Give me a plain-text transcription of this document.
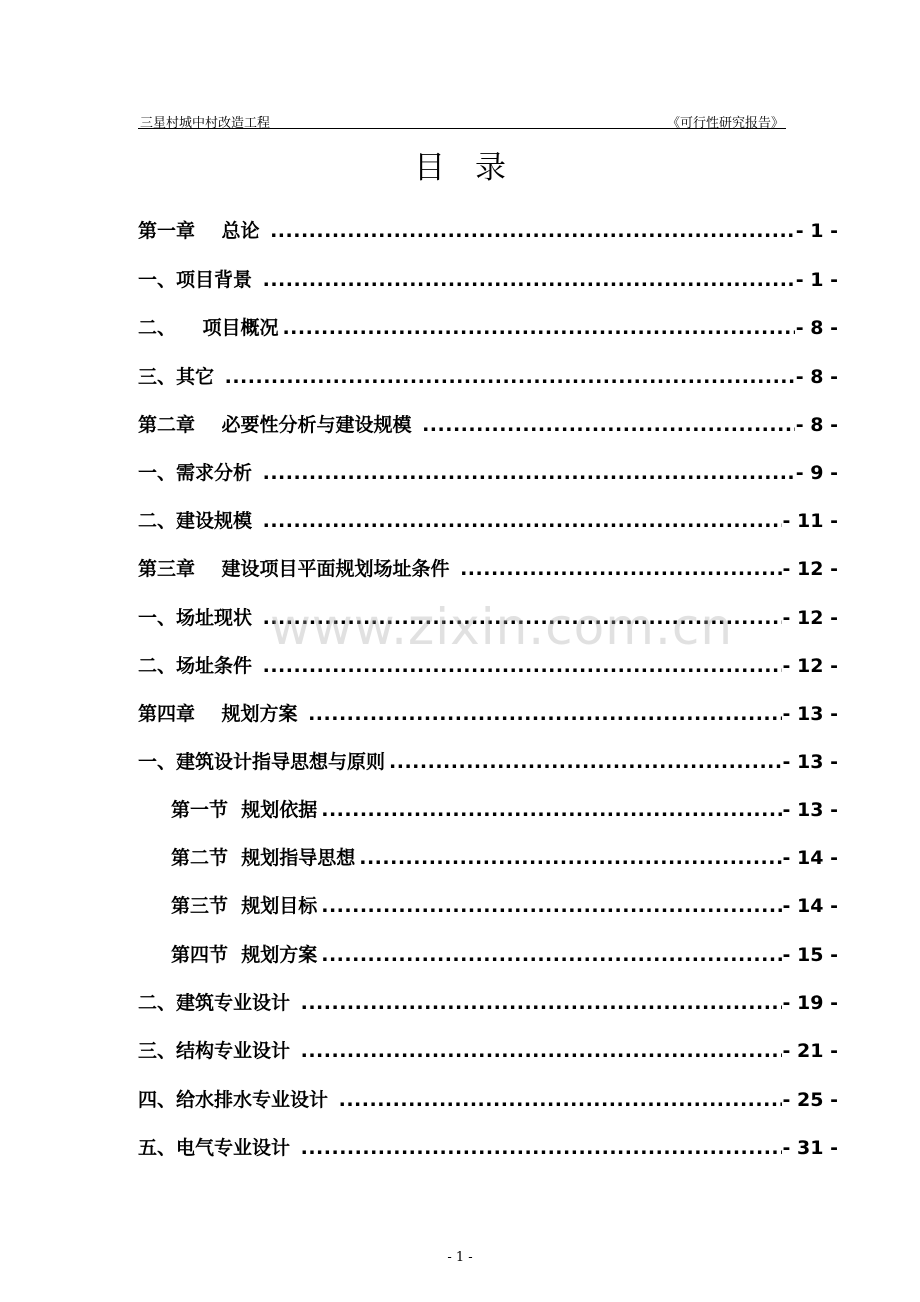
三星村城中村改造工程	《可行性研究报告》
目录
第一章    总论 .....	- 1 -
一、项目背景 .....	- 1 -
二、    项目概况 .....	- 8 -
三、其它 .....	- 8 -
第二章    必要性分析与建设规模 .....	- 8 -
一、需求分析 .....	- 9 -
二、建设规模 .....	- 11 -
第三章    建设项目平面规划场址条件 .....	- 12 -
一、场址现状 .....	- 12 -
二、场址条件 .....	- 12 -
第四章    规划方案 .....	- 13 -
一、建筑设计指导思想与原则 .....	- 13 -
第一节  规划依据 .....	- 13 -
第二节  规划指导思想 .....	- 14 -
第三节  规划目标 .....	- 14 -
第四节  规划方案 .....	- 15 -
二、建筑专业设计 .....	- 19 -
三、结构专业设计 .....	- 21 -
四、给水排水专业设计 .....	- 25 -
五、电气专业设计 .....	- 31 -
www.zixin.com.cn
- 1 -
